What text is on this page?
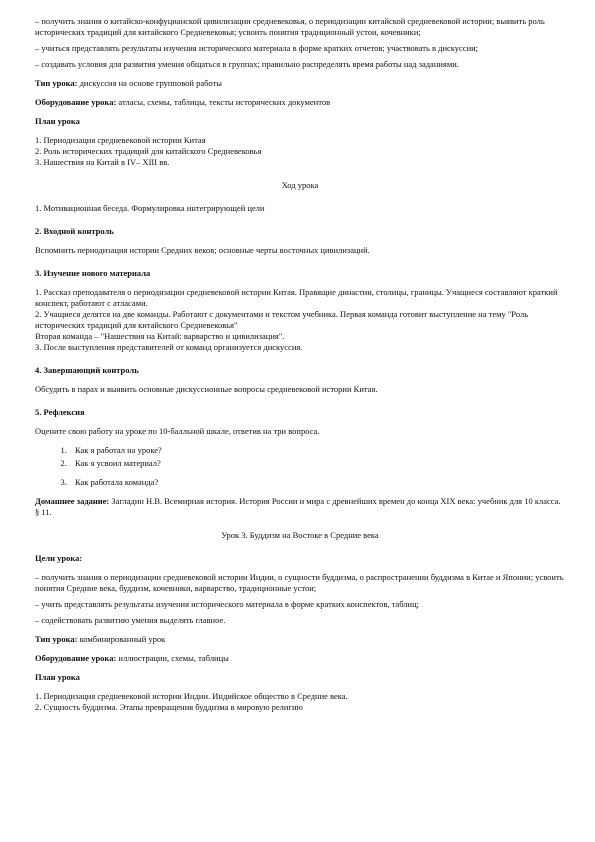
– получить знания о китайско-конфуцианской цивилизации средневековья, о периодизации китайской средневековой истории; выявить роль исторических традиций для китайского Средневековья; усвоить понятия традиционный устои, кочевники;

– учиться представлять результаты изучения исторического материала в форме кратких отчетов; участвовать в дискуссии;

– создавать условия для развития умения общаться в группах; правильно распределять время работы над заданиями.

Тип урока: дискуссия на основе групповой работы

Оборудование урока: атласы, схемы, таблицы, тексты исторических документов

План урока

1. Периодизация средневековой истории Китая

2. Роль исторических традиций для китайского Средневековья

3. Нашествия на Китай в IV– XIII вв.

Ход урока

1. Мотивационная беседа. Формулировка интегрирующей цели

2. Входной контроль

Вспомнить периодизация истории Средних веков; основные черты восточных цивилизаций.

3. Изучение нового материала

1. Рассказ преподавателя о периодизации средневековой истории Китая. Правящие династии, столицы, границы. Учащиеся составляют краткий конспект, работают с атласами.

2. Учащиеся делятся на две команды. Работают с документами и текстом учебника. Первая команда готовит выступление на тему "Роль исторических традиций для китайского Средневековья"

Вторая команда – "Нашествия на Китай: варварство и цивилизация".

3. После выступления представителей от команд организуется дискуссия.

4. Завершающий контроль

Обсудить в парах и выявить основные дискуссионные вопросы средневековой истории Китая.

5. Рефлексия

Оцените свою работу на уроке по 10-балльной шкале, ответив на три вопроса.

1. Как я работал на уроке?
2. Как я усвоил материал?
3. Как работала команда?

Домашнее задание: Загладин Н.В. Всемирная история. История России и мира с древнейших времен до конца XIX века: учебник для 10 класса. § 11.

Урок 3. Буддизм на Востоке в Средние века

Цели урока:

– получить знания о периодизации средневековой истории Индии, о сущности буддизма, о распространении буддизма в Китае и Японии; усвоить понятия Средние века, буддизм, кочевники, варварство, традиционные устои;

– учить представлять результаты изучения исторического материала в форме кратких конспектов, таблиц;

– содействовать развитию умения выделять главное.

Тип урока: комбинированный урок

Оборудование урока: иллюстрации, схемы, таблицы

План урока

1. Периодизация средневековой истории Индии. Индийское общество в Средние века.

2. Сущность буддизма. Этапы превращения буддизма в мировую религию
